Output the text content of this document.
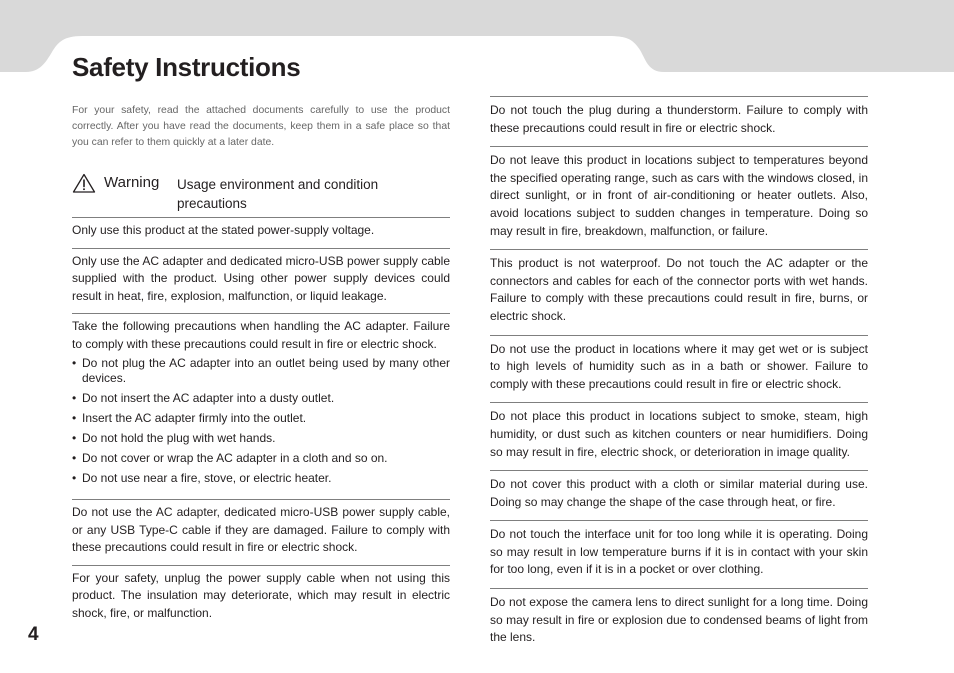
Safety Instructions
For your safety, read the attached documents carefully to use the product correctly. After you have read the documents, keep them in a safe place so that you can refer to them quickly at a later date.
Warning Usage environment and condition precautions

Only use this product at the stated power-supply voltage.

Only use the AC adapter and dedicated micro-USB power supply cable supplied with the product. Using other power supply devices could result in heat, fire, explosion, malfunction, or liquid leakage.

Take the following precautions when handling the AC adapter. Failure to comply with these precautions could result in fire or electric shock.

• Do not plug the AC adapter into an outlet being used by many other devices.
• Do not insert the AC adapter into a dusty outlet.
• Insert the AC adapter firmly into the outlet.
• Do not hold the plug with wet hands.
• Do not cover or wrap the AC adapter in a cloth and so on.
• Do not use near a fire, stove, or electric heater.

Do not use the AC adapter, dedicated micro-USB power supply cable, or any USB Type-C cable if they are damaged. Failure to comply with these precautions could result in fire or electric shock.

For your safety, unplug the power supply cable when not using this product. The insulation may deteriorate, which may result in electric shock, fire, or malfunction.

Do not touch the plug during a thunderstorm. Failure to comply with these precautions could result in fire or electric shock.

Do not leave this product in locations subject to temperatures beyond the specified operating range, such as cars with the windows closed, in direct sunlight, or in front of air-conditioning or heater outlets. Also, avoid locations subject to sudden changes in temperature. Doing so may result in fire, breakdown, malfunction, or failure.

This product is not waterproof. Do not touch the AC adapter or the connectors and cables for each of the connector ports with wet hands. Failure to comply with these precautions could result in fire, burns, or electric shock.

Do not use the product in locations where it may get wet or is subject to high levels of humidity such as in a bath or shower. Failure to comply with these precautions could result in fire or electric shock.

Do not place this product in locations subject to smoke, steam, high humidity, or dust such as kitchen counters or near humidifiers. Doing so may result in fire, electric shock, or deterioration in image quality.

Do not cover this product with a cloth or similar material during use. Doing so may change the shape of the case through heat, or fire.

Do not touch the interface unit for too long while it is operating. Doing so may result in low temperature burns if it is in contact with your skin for too long, even if it is in a pocket or over clothing.

Do not expose the camera lens to direct sunlight for a long time. Doing so may result in fire or explosion due to condensed beams of light from the lens.

4
